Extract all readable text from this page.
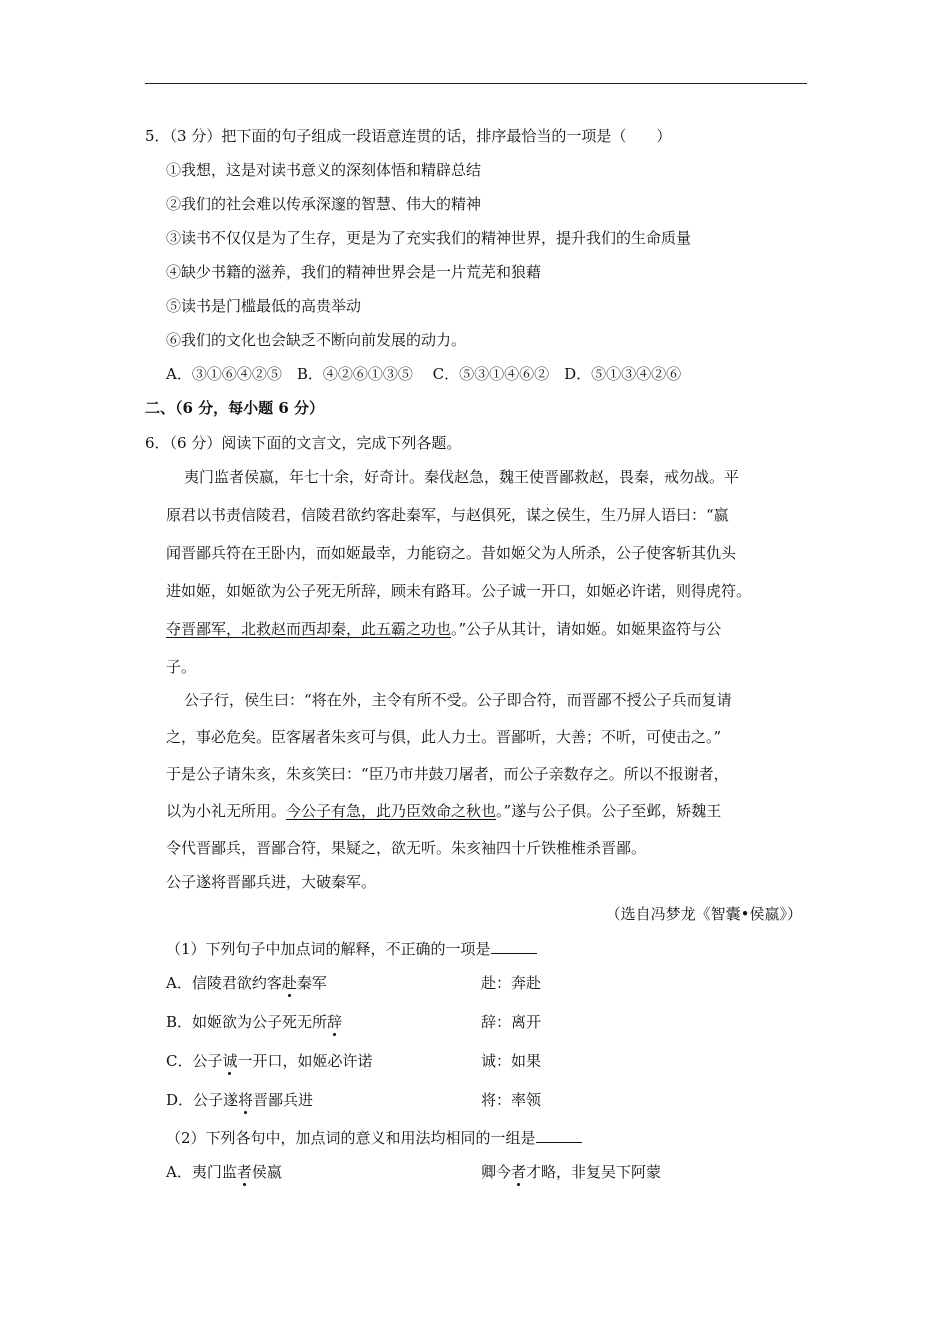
5．（3 分）把下面的句子组成一段语意连贯的话，排序最恰当的一项是（　　）
①我想，这是对读书意义的深刻体悟和精辟总结
②我们的社会难以传承深邃的智慧、伟大的精神
③读书不仅仅是为了生存，更是为了充实我们的精神世界，提升我们的生命质量
④缺少书籍的滋养，我们的精神世界会是一片荒芜和狼藉
⑤读书是门槛最低的高贵举动
⑥我们的文化也会缺乏不断向前发展的动力。
A．③①⑥④②⑤　B．④②⑥①③⑤　 C．⑤③①④⑥②　D．⑤①③④②⑥
二、（6 分，每小题 6 分）
6．（6 分）阅读下面的文言文，完成下列各题。
夷门监者侯嬴，年七十余，好奇计。秦伐赵急，魏王使晋鄙救赵，畏秦，戒勿战。平
原君以书责信陵君，信陵君欲约客赴秦军，与赵俱死，谋之侯生，生乃屏人语曰：“嬴
闻晋鄙兵符在王卧内，而如姬最幸，力能窃之。昔如姬父为人所杀，公子使客斩其仇头
进如姬，如姬欲为公子死无所辞，顾未有路耳。公子诚一开口，如姬必许诺，则得虎符。
夺晋鄙军，北救赵而西却秦，此五霸之功也。”公子从其计，请如姬。如姬果盗符与公
子。
公子行，侯生曰：“将在外，主令有所不受。公子即合符，而晋鄙不授公子兵而复请
之，事必危矣。臣客屠者朱亥可与俱，此人力士。晋鄙听，大善；不听，可使击之。”
于是公子请朱亥，朱亥笑曰：“臣乃市井鼓刀屠者，而公子亲数存之。所以不报谢者，
以为小礼无所用。今公子有急，此乃臣效命之秋也。”遂与公子俱。公子至邺，矫魏王
令代晋鄙兵，晋鄙合符，果疑之，欲无听。朱亥袖四十斤铁椎椎杀晋鄙。
公子遂将晋鄙兵进，大破秦军。
（选自冯梦龙《智囊•侯嬴》）
（1）下列句子中加点词的解释，不正确的一项是
A．信陵君欲约客赴秦军	赴：奔赴
B．如姬欲为公子死无所辞	辞：离开
C．公子诚一开口，如姬必许诺	诚：如果
D．公子遂将晋鄙兵进	将：率领
（2）下列各句中，加点词的意义和用法均相同的一组是
A．夷门监者侯嬴	卿今者才略，非复吴下阿蒙
